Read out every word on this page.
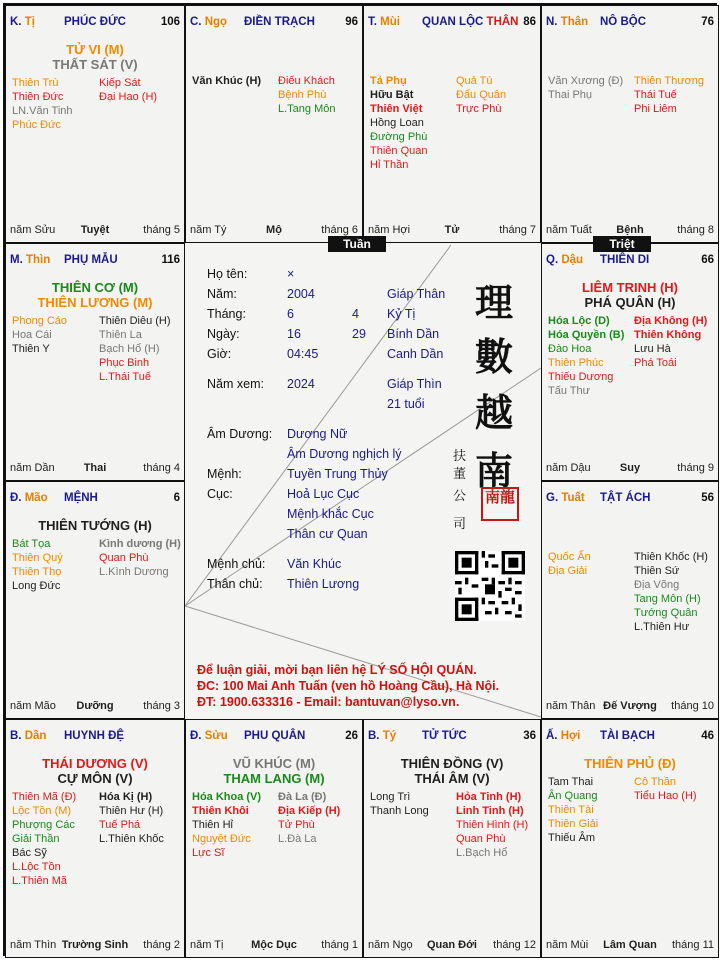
K. Tị	PHÚC ĐỨC	106
TỬ VI (M)
THẤT SÁT (V)
Thiên Trù
Thiên Đức
LN.Văn Tinh
Phúc Đức
Kiếp Sát
Đại Hao (H)
năm Sửu	Tuyệt	tháng 5
C. Ngọ ĐIỀN TRẠCH	96
Văn Khúc (H)	Điếu Khách
Bệnh Phù
L.Tang Môn
năm Tý	Mộ	tháng 6
T. Mùi QUAN LỘC THÂN 86
Tả Phụ
Hữu Bật
Thiên Việt
Hồng Loan
Đường Phù
Thiên Quan
Hỉ Thần
Quả Tú
Đẩu Quân
Trực Phù
năm Hợi	Tử	tháng 7
N. Thân NÔ BỘC	76
Văn Xương (Đ)
Thai Phụ
Thiên Thương
Thái Tuế
Phi Liêm
năm Tuất	Bệnh	tháng 8
M. Thìn PHỤ MẪU	116
THIÊN CƠ (M)
THIÊN LƯƠNG (M)
Phong Cáo
Hoa Cái
Thiên Y
Thiên Diêu (H)
Thiên La
Bạch Hổ (H)
Phục Binh
L.Thái Tuế
năm Dần	Thai	tháng 4
Q. Dậu THIÊN DI	66
LIÊM TRINH (H)
PHÁ QUÂN (H)
Hóa Lộc (D)
Hóa Quyền (B)
Đào Hoa
Thiên Phúc
Thiếu Dương
Tấu Thư
Địa Không (H)
Thiên Không
Lưu Hà
Phá Toái
năm Dậu	Suy	tháng 9
Đ. Mão MỆNH	6
THIÊN TƯỚNG (H)
Bát Tọa
Thiên Quý
Thiên Thọ
Long Đức
Kình dương (H)
Quan Phù
L.Kình Dương
năm Mão	Dưỡng	tháng 3
G. Tuất TẬT ÁCH	56
Quốc Ấn
Địa Giải
Thiên Khốc (H)
Thiên Sứ
Địa Võng
Tang Môn (H)
Tướng Quân
L.Thiên Hư
năm Thân Đế Vượng	tháng 10
B. Dần HUYNH ĐỆ
THÁI DƯƠNG (V)
CỰ MÔN (V)
Thiên Mã (Đ)
Lộc Tồn (M)
Phượng Các
Giải Thần
Bác Sỹ
L.Lộc Tồn
L.Thiên Mã
Hóa Kị (H)
Thiên Hư (H)
Tuế Phá
L.Thiên Khốc
năm Thìn Trường Sinh	tháng 2
Đ. Sửu PHU QUÂN	26
VŨ KHÚC (M)
THAM LANG (M)
Hóa Khoa (V)
Thiên Khôi
Thiên Hỉ
Nguyệt Đức
Lực Sĩ
Đà La (Đ)
Địa Kiếp (H)
Tử Phù
L.Đà La
năm Tị	Mộc Dục	tháng 1
B. Tý TỬ TỨC	36
THIÊN ĐỒNG (V)
THÁI ÂM (V)
Long Trì
Thanh Long
Hỏa Tinh (H)
Linh Tinh (H)
Thiên Hình (H)
Quan Phù
L.Bạch Hổ
năm Ngọ	Quan Đới	tháng 12
Ấ. Hợi TÀI BẠCH	46
THIÊN PHỦ (Đ)
Tam Thai
Ân Quang
Thiên Tài
Thiên Giải
Thiếu Âm
Cô Thần
Tiểu Hao (H)
năm Mùi	Lâm Quan	tháng 11
Tuần	Triệt
Họ tên:	×
Năm:	2004	Giáp Thân
Tháng:	6	4 Kỷ Tị
Ngày:	16	29 Bính Dần
Giờ:	04:45	Canh Dần
Năm xem: 2024	Giáp Thìn
21 tuổi
Âm Dương: Dương Nữ
Âm Dương nghịch lý
Mệnh:	Tuyền Trung Thủy
Cục:	Hoả Lục Cục
Mệnh khắc Cục
Thân cư Quan
Mệnh chủ: Văn Khúc
Thân chủ: Thiên Lương
理
數
越
南
扶
董
公
司
南龍
Để luận giải, mời bạn liên hệ LÝ SỐ HỘI QUÁN.
ĐC: 100 Mai Anh Tuấn (ven hồ Hoàng Cầu), Hà Nội.
ĐT: 1900.633316 - Email: bantuvan@lyso.vn.
